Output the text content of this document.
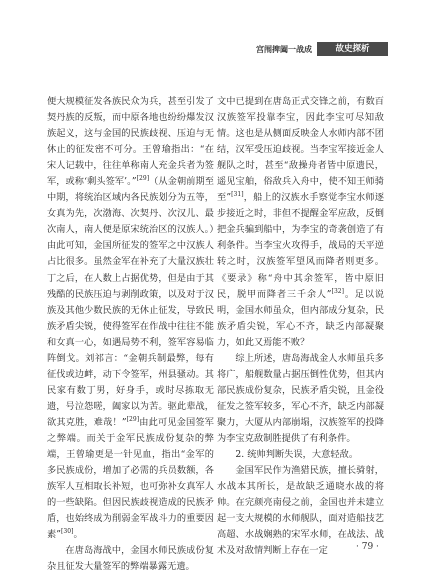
宫闱捭阖一战成	故史探析

便大规模征发各族民众为兵，甚至引发了契丹族的反叛，而中原各地也纷纷爆发汉族起义，这与金国的民族歧视、压迫与无休止的征发密不可分。王曾瑜指出：“在宋人记载中，往往单称南人充金兵者为签军，或称‘剩头签军’。”[29]（从金朝前期至中期，将统治区域内各民族划分为五等，女真为先，次渤海、次契丹、次汉儿、最次南人，南人便是原宋统治区的汉族人。）由此可知，金国所征发的签军之中汉族人占比很多。虽然金军在补充了大量汉族壮丁之后，在人数上占据优势，但是由于其残酷的民族压迫与剥削政策，以及对于汉族及其他少数民族的无休止征发，导致民族矛盾尖锐，使得签军在作战中往往不能和女真一心，如遇局势不利，签军容易临阵倒戈。刘祁言：“金朝兵制最弊，每有征伐或边衅，动下令签军，州县骚动。其民家有数丁男，好身手，或时尽拣取无遗，号泣怨嗟，阖家以为苦。驱此辈战，欲其克胜，难哉！”[29]由此可见金国签军之弊端。而关于金军民族成份复杂的弊端，王曾瑜更是一针见血，指出“金军的多民族成份，增加了必需的兵员数额，各族军人互相取长补短，也可弥补女真军人的一些缺陷。但因民族歧视造成的民族矛盾，也始终成为削弱金军战斗力的重要因素”[30]。

在唐岛海战中，金国水师民族成份复杂且征发大量签军的弊端暴露无遗。

文中已提到在唐岛正式交锋之前，有数百汉族签军投靠李宝，因此李宝可尽知敌情。这也是从侧面反映金人水师内部不团结，汉军受压迫歧视。当李宝军接近金人舰队之时，甚至“敌操舟者皆中原遗民，遥见宝舶，俗敌兵入舟中，使不知王师骑至”[31]，船上的汉族水手察觉李宝水师逐步接近之时，非但不提醒金军应敌，反倒把金兵骗到船中，为李宝的奇袭创造了有利条件。当李宝火攻得手，战局的天平逆转之时，汉族签军望风而降者则更多。《要录》称“舟中其余签军，皆中原旧民，脱甲而降者三千余人”[32]。足以说明，金国水师虽众，但内部成分复杂，民族矛盾尖锐，军心不齐，缺乏内部凝聚力，如此又焉能不败？

综上所述，唐岛海战金人水师虽兵多将广，船舰数量占据压倒性优势，但其内部民族成份复杂，民族矛盾尖锐，且金役征发之签军较多，军心不齐，缺乏内部凝聚力，大厦从内部崩塌，汉族签军的投降为李宝克敌制胜提供了有利条件。

2. 统帅判断失误，大意轻敌。

金国军民作为渔猎民族，擅长骑射，水战本其所长，是故缺乏通晓水战的将帅。在完颜亮南侵之前，金国也并未建立起一支大规模的水师舰队，面对造船技艺高超、水战娴熟的宋军水师，在战法、战术及对敌情判断上存在一定	· 79 ·
